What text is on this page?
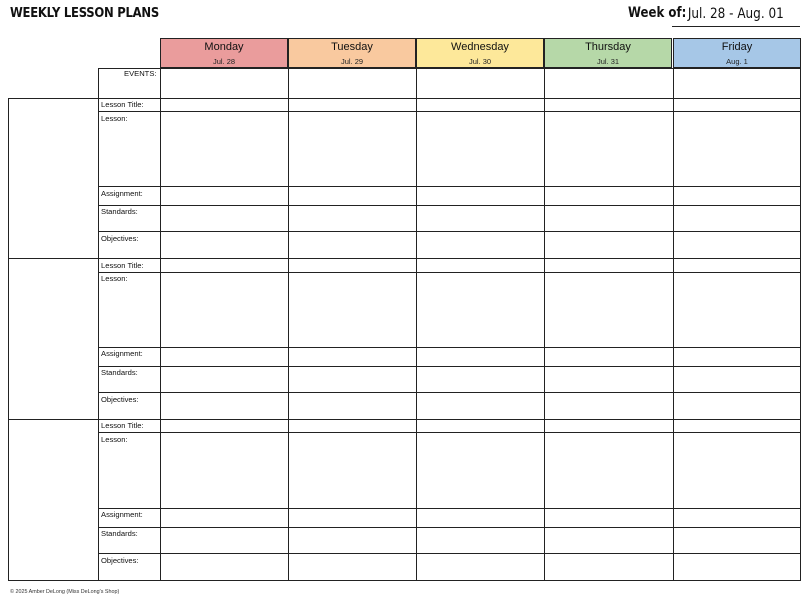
WEEKLY LESSON PLANS	Week of: Jul. 28 - Aug. 01
Monday
Jul. 28
Tuesday
Jul. 29
Wednesday
Jul. 30
Thursday
Jul. 31
Friday
Aug. 1
EVENTS:
Lesson Title:
Lesson:
Assignment:
Standards:
Objectives:
Lesson Title:
Lesson:
Assignment:
Standards:
Objectives:
Lesson Title:
Lesson:
Assignment:
Standards:
Objectives:
© 2025 Amber DeLong (Miss DeLong's Shop)
